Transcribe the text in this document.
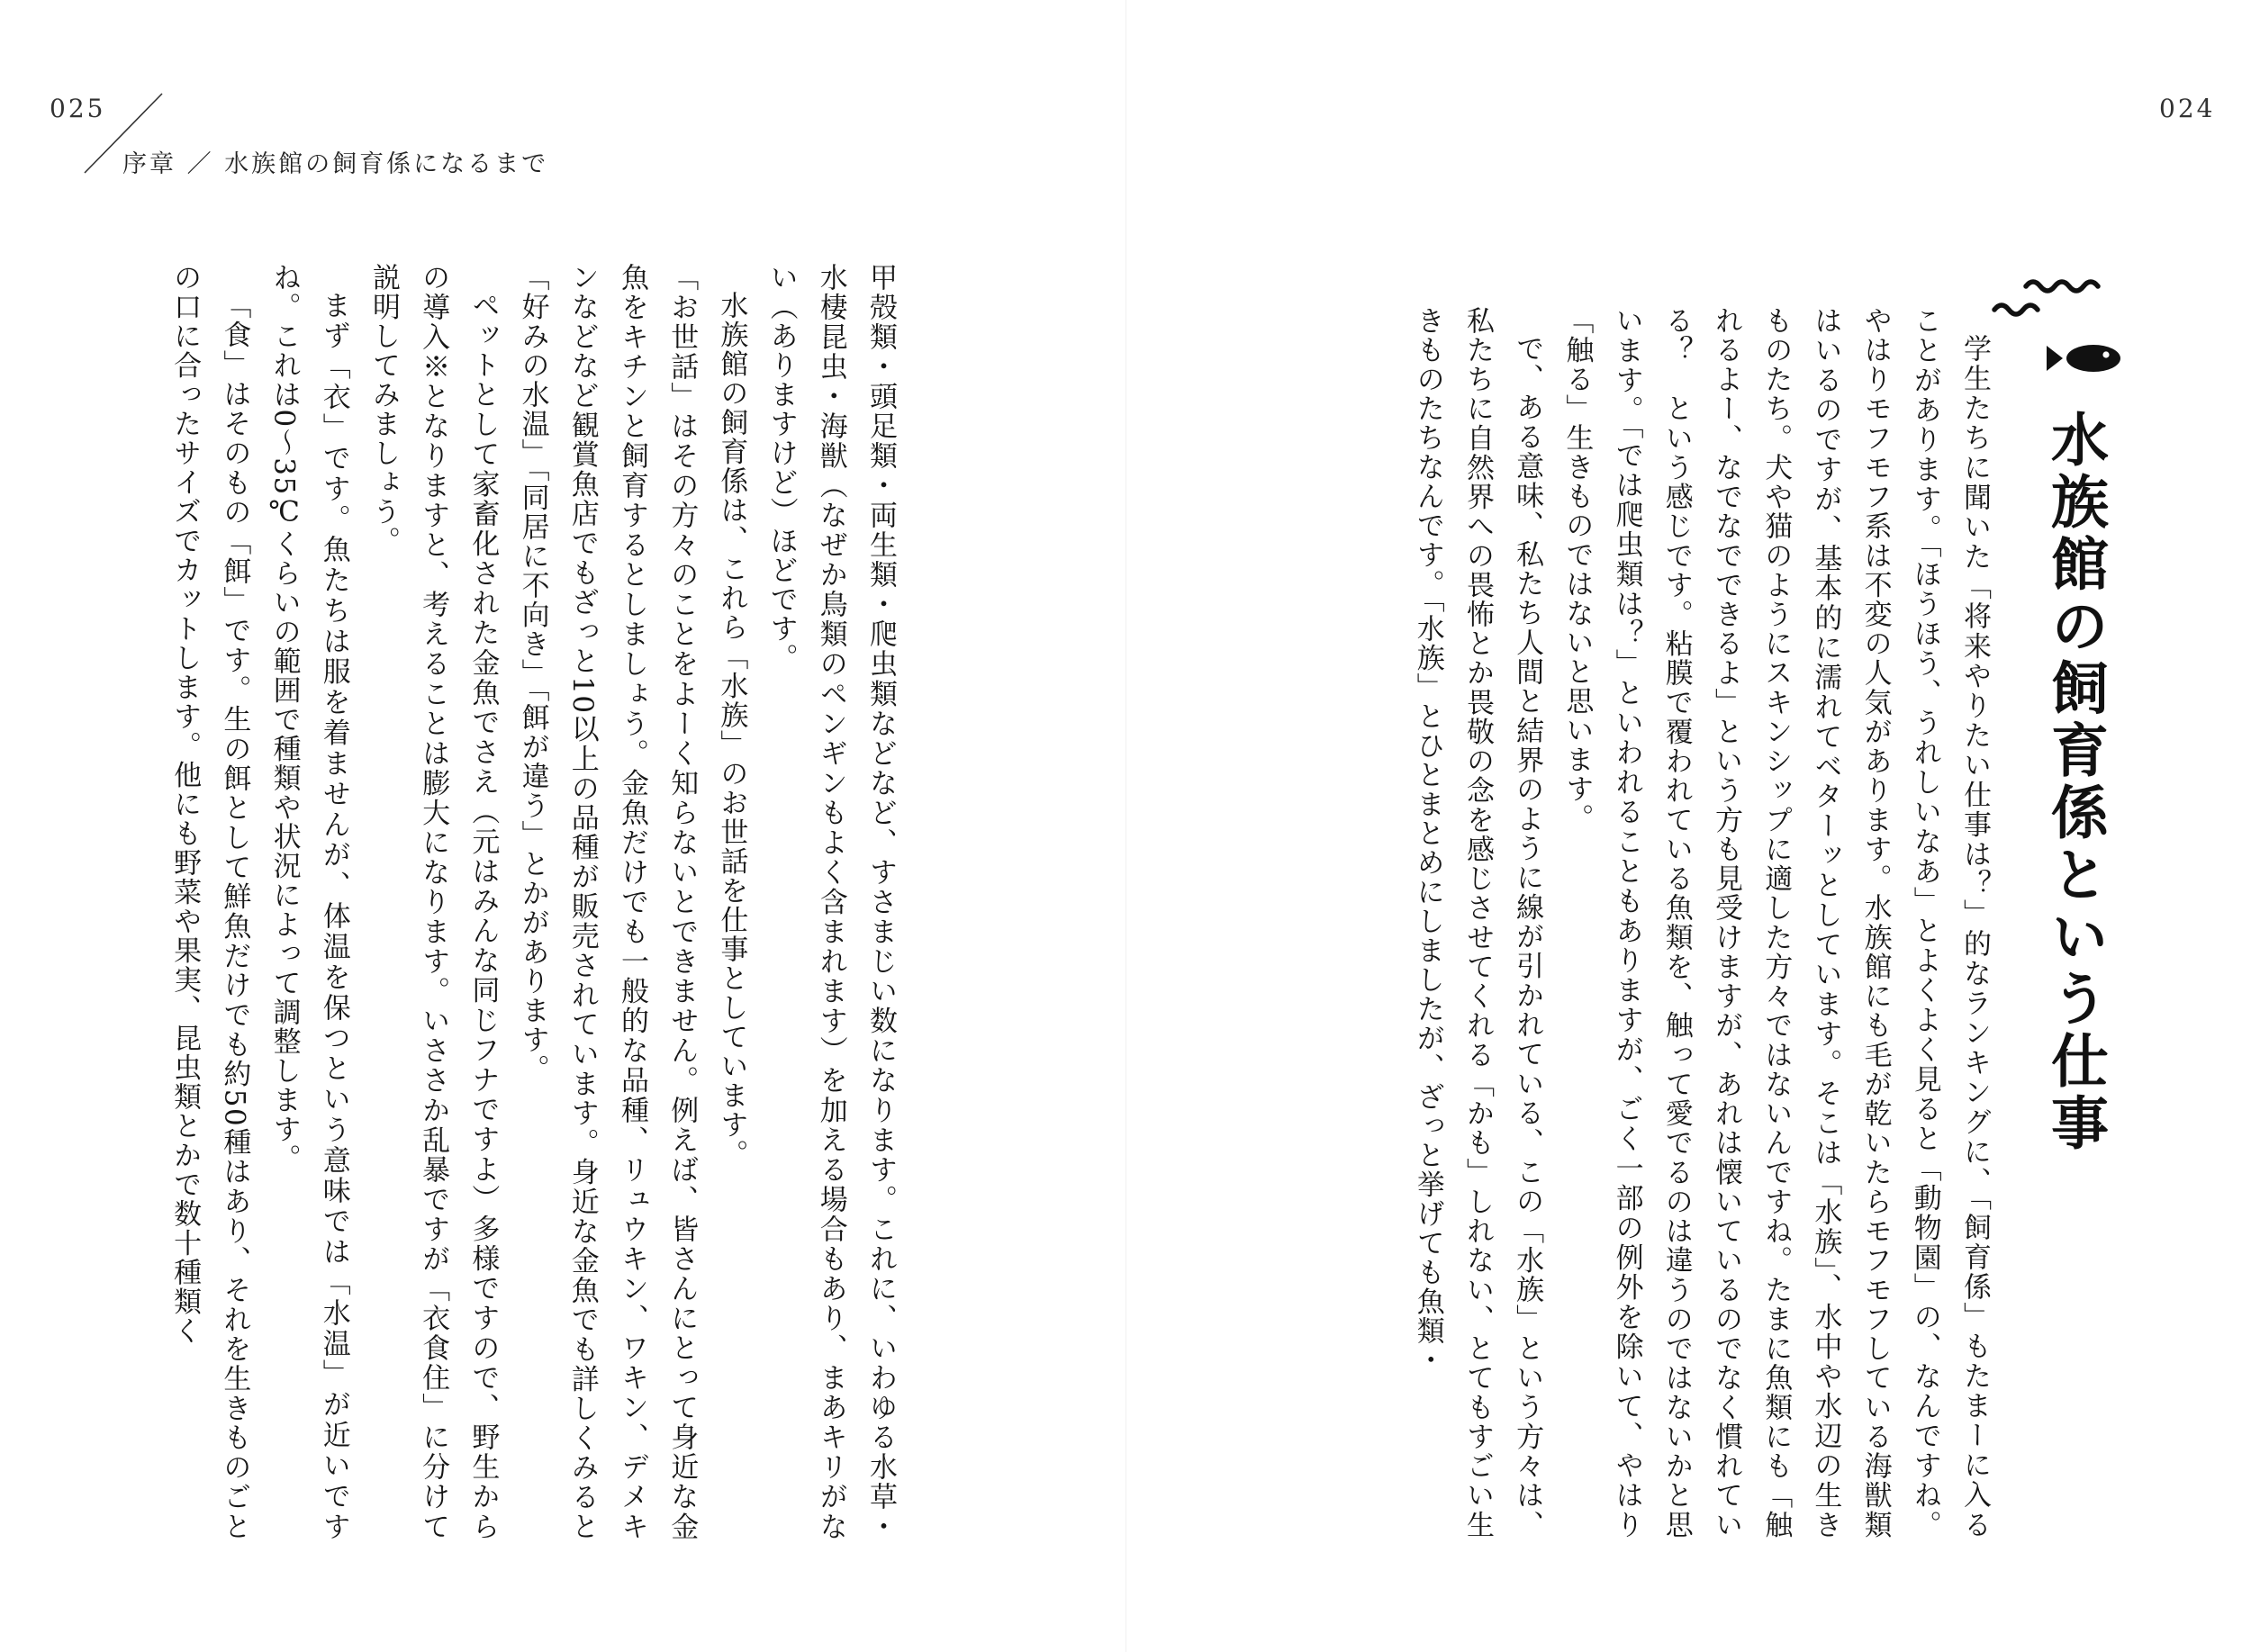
025
序章 ／ 水族館の飼育係になるまで

甲殻類・頭足類・両生類・爬虫類などなど、すさまじい数になります。これに、いわゆる水草・水棲昆虫・海獣（なぜか鳥類のペンギンもよく含まれます）を加える場合もあり、まあキリがない（ありますけど）ほどです。

水族館の飼育係は、これら「水族」のお世話を仕事としています。

「お世話」はその方々のことをよーく知らないとできません。例えば、皆さんにとって身近な金魚をキチンと飼育するとしましょう。金魚だけでも一般的な品種、リュウキン、ワキン、デメキンなどなど観賞魚店でもざっと10以上の品種が販売されています。身近な金魚でも詳しくみると「好みの水温」「同居に不向き」「餌が違う」とかがあります。

ペットとして家畜化された金魚でさえ（元はみんな同じフナですよ）多様ですので、野生からの導入※となりますと、考えることは膨大になります。いささか乱暴ですが「衣食住」に分けて説明してみましょう。

まず「衣」です。魚たちは服を着ませんが、体温を保つという意味では「水温」が近いですね。これは0〜35℃くらいの範囲で種類や状況によって調整します。

「食」はそのもの「餌」です。生の餌として鮮魚だけでも約50種はあり、それを生きものごとの口に合ったサイズでカットします。他にも野菜や果実、昆虫類とかで数十種類く

024
水族館の飼育係という仕事

学生たちに聞いた「将来やりたい仕事は？」的なランキングに、「飼育係」もたまーに入ることがあります。「ほうほう、うれしいなあ」とよくよく見ると「動物園」の、なんですね。やはりモフモフ系は不変の人気があります。水族館にも毛が乾いたらモフモフしている海獣類はいるのですが、基本的に濡れてベターッとしています。そこは「水族」、水中や水辺の生きものたち。犬や猫のようにスキンシップに適した方々ではないんですね。たまに魚類にも「触れるよー、なでなでできるよ」という方も見受けますが、あれは懐いているのでなく慣れている？　という感じです。粘膜で覆われている魚類を、触って愛でるのは違うのではないかと思います。「では爬虫類は？」といわれることもありますが、ごく一部の例外を除いて、やはり「触る」生きものではないと思います。

で、ある意味、私たち人間と結界のように線が引かれている、この「水族」という方々は、私たちに自然界への畏怖とか畏敬の念を感じさせてくれる「かも」しれない、とてもすごい生きものたちなんです。「水族」とひとまとめにしましたが、ざっと挙げても魚類・
